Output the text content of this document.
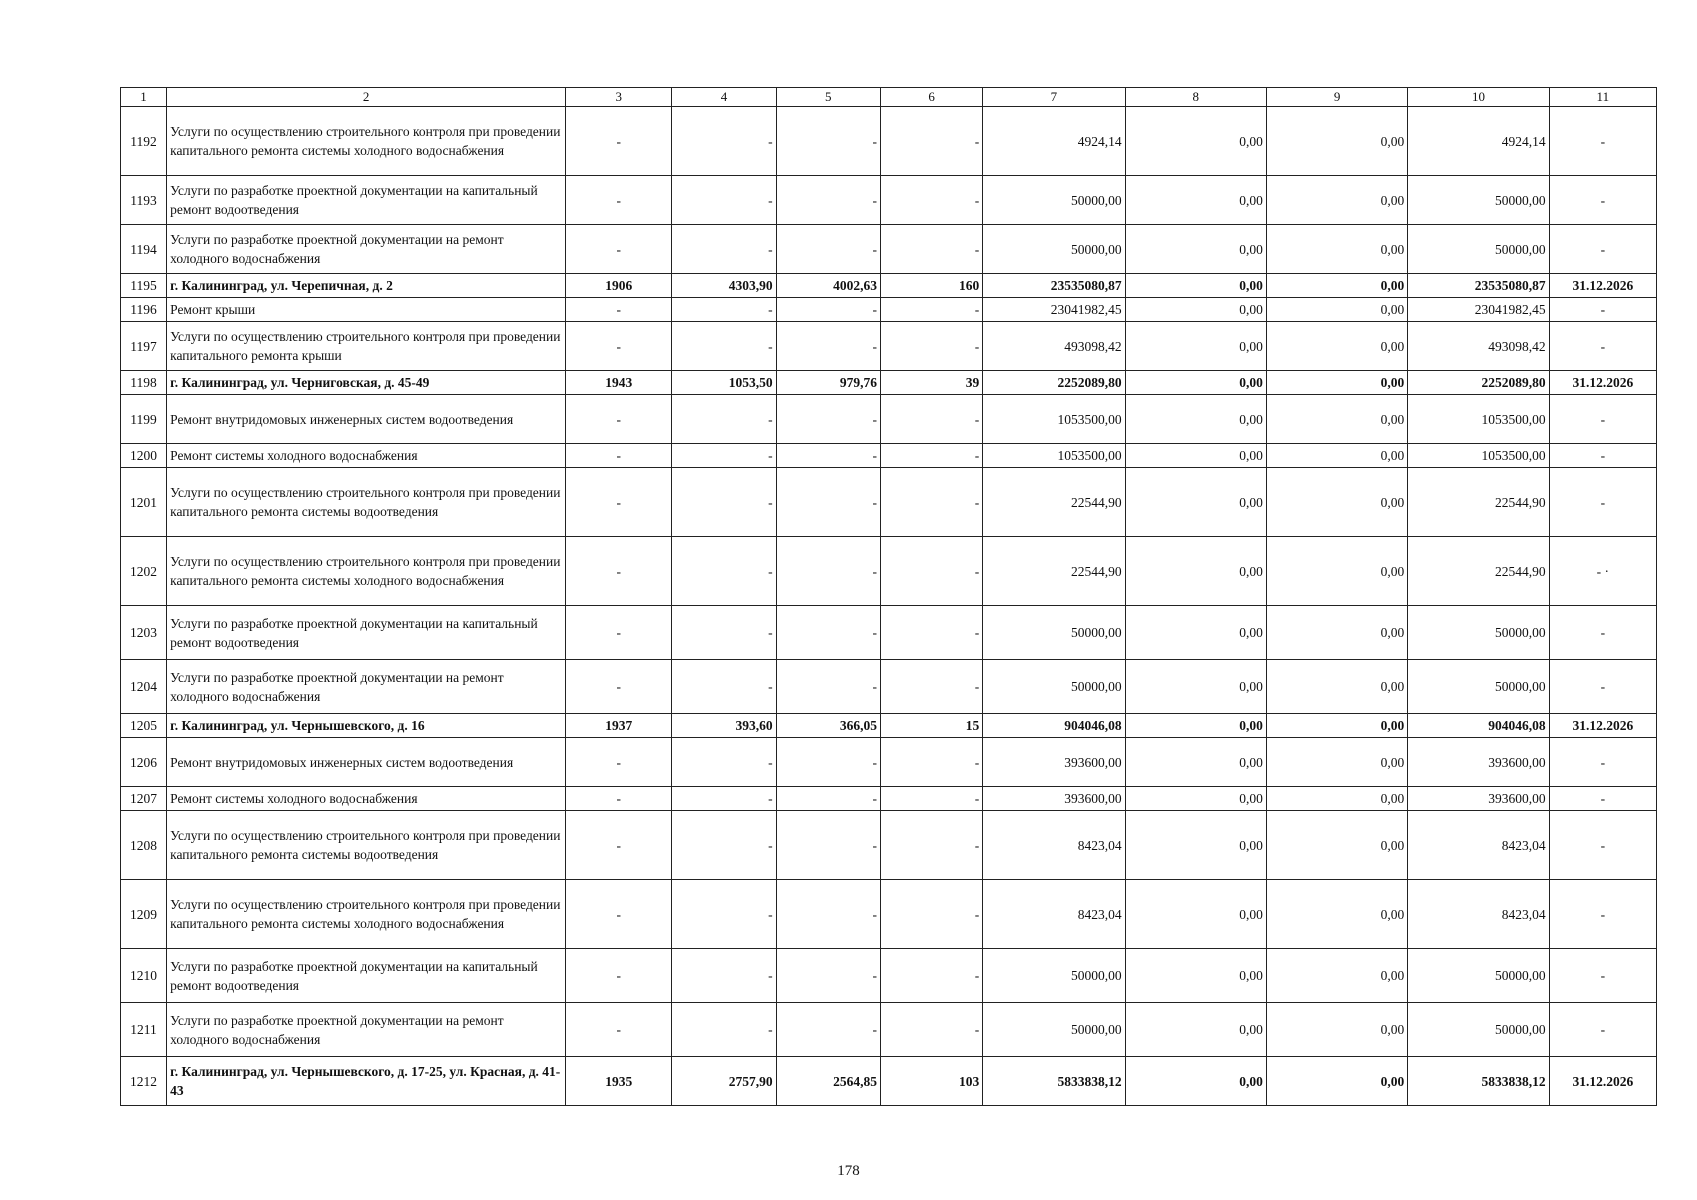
1	2	3	4	5	6	7	8	9	10	11
1192	Услуги по осуществлению строительного контроля при проведении капитального ремонта системы холодного водоснабжения	-	-	-	-	4924,14	0,00	0,00	4924,14	-
1193	Услуги по разработке проектной документации на капитальный ремонт водоотведения	-	-	-	-	50000,00	0,00	0,00	50000,00	-
1194	Услуги по разработке проектной документации на ремонт холодного водоснабжения	-	-	-	-	50000,00	0,00	0,00	50000,00	-
1195	г. Калининград, ул. Черепичная, д. 2	1906	4303,90	4002,63	160	23535080,87	0,00	0,00	23535080,87	31.12.2026
1196	Ремонт крыши	-	-	-	-	23041982,45	0,00	0,00	23041982,45	-
1197	Услуги по осуществлению строительного контроля при проведении капитального ремонта крыши	-	-	-	-	493098,42	0,00	0,00	493098,42	-
1198	г. Калининград, ул. Черниговская, д. 45-49	1943	1053,50	979,76	39	2252089,80	0,00	0,00	2252089,80	31.12.2026
1199	Ремонт внутридомовых инженерных систем водоотведения	-	-	-	-	1053500,00	0,00	0,00	1053500,00	-
1200	Ремонт системы холодного водоснабжения	-	-	-	-	1053500,00	0,00	0,00	1053500,00	-
1201	Услуги по осуществлению строительного контроля при проведении капитального ремонта системы водоотведения	-	-	-	-	22544,90	0,00	0,00	22544,90	-
1202	Услуги по осуществлению строительного контроля при проведении капитального ремонта системы холодного водоснабжения	-	-	-	-	22544,90	0,00	0,00	22544,90	- ·
1203	Услуги по разработке проектной документации на капитальный ремонт водоотведения	-	-	-	-	50000,00	0,00	0,00	50000,00	-
1204	Услуги по разработке проектной документации на ремонт холодного водоснабжения	-	-	-	-	50000,00	0,00	0,00	50000,00	-
1205	г. Калининград, ул. Чернышевского, д. 16	1937	393,60	366,05	15	904046,08	0,00	0,00	904046,08	31.12.2026
1206	Ремонт внутридомовых инженерных систем водоотведения	-	-	-	-	393600,00	0,00	0,00	393600,00	-
1207	Ремонт системы холодного водоснабжения	-	-	-	-	393600,00	0,00	0,00	393600,00	-
1208	Услуги по осуществлению строительного контроля при проведении капитального ремонта системы водоотведения	-	-	-	-	8423,04	0,00	0,00	8423,04	-
1209	Услуги по осуществлению строительного контроля при проведении капитального ремонта системы холодного водоснабжения	-	-	-	-	8423,04	0,00	0,00	8423,04	-
1210	Услуги по разработке проектной документации на капитальный ремонт водоотведения	-	-	-	-	50000,00	0,00	0,00	50000,00	-
1211	Услуги по разработке проектной документации на ремонт холодного водоснабжения	-	-	-	-	50000,00	0,00	0,00	50000,00	-
1212	г. Калининград, ул. Чернышевского, д. 17-25, ул. Красная, д. 41-43	1935	2757,90	2564,85	103	5833838,12	0,00	0,00	5833838,12	31.12.2026
178
